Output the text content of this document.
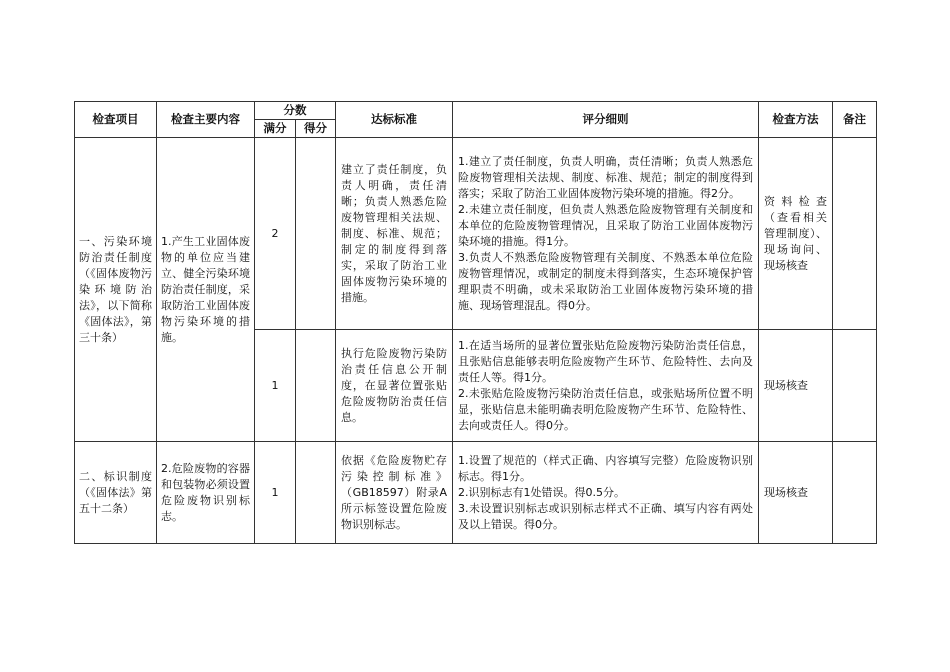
检查项目	检查主要内容	分数		达标标准	评分细则	检查方法	备注
		满分	得分				

一、污染环境防治责任制度（《固体废物污染环境防治法》，以下简称《固体法》，第三十条）	1.产生工业固体废物的单位应当建立、健全污染环境防治责任制度，采取防治工业固体废物污染环境的措施。	2		建立了责任制度，负责人明确，责任清晰；负责人熟悉危险废物管理相关法规、制度、标准、规范；制定的制度得到落实，采取了防治工业固体废物污染环境的措施。	1.建立了责任制度，负责人明确，责任清晰；负责人熟悉危险废物管理相关法规、制度、标准、规范；制定的制度得到落实；采取了防治工业固体废物污染环境的措施。得2分。
2.未建立责任制度，但负责人熟悉危险废物管理有关制度和本单位的危险废物管理情况，且采取了防治工业固体废物污染环境的措施。得1分。
3.负责人不熟悉危险废物管理有关制度、不熟悉本单位危险废物管理情况，或制定的制度未得到落实，生态环境保护管理职责不明确，或未采取防治工业固体废物污染环境的措施、现场管理混乱。得0分。	资料检查（查看相关管理制度）、现场询问、现场核查	

		1		执行危险废物污染防治责任信息公开制度，在显著位置张贴危险废物防治责任信息。	1.在适当场所的显著位置张贴危险废物污染防治责任信息，且张贴信息能够表明危险废物产生环节、危险特性、去向及责任人等。得1分。
2.未张贴危险废物污染防治责任信息，或张贴场所位置不明显，张贴信息未能明确表明危险废物产生环节、危险特性、去向或责任人。得0分。	现场核查	

二、标识制度（《固体法》第五十二条）	2.危险废物的容器和包装物必须设置危险废物识别标志。	1		依据《危险废物贮存污染控制标准》（GB18597）附录A所示标签设置危险废物识别标志。	1.设置了规范的（样式正确、内容填写完整）危险废物识别标志。得1分。
2.识别标志有1处错误。得0.5分。
3.未设置识别标志或识别标志样式不正确、填写内容有两处及以上错误。得0分。	现场核查	
